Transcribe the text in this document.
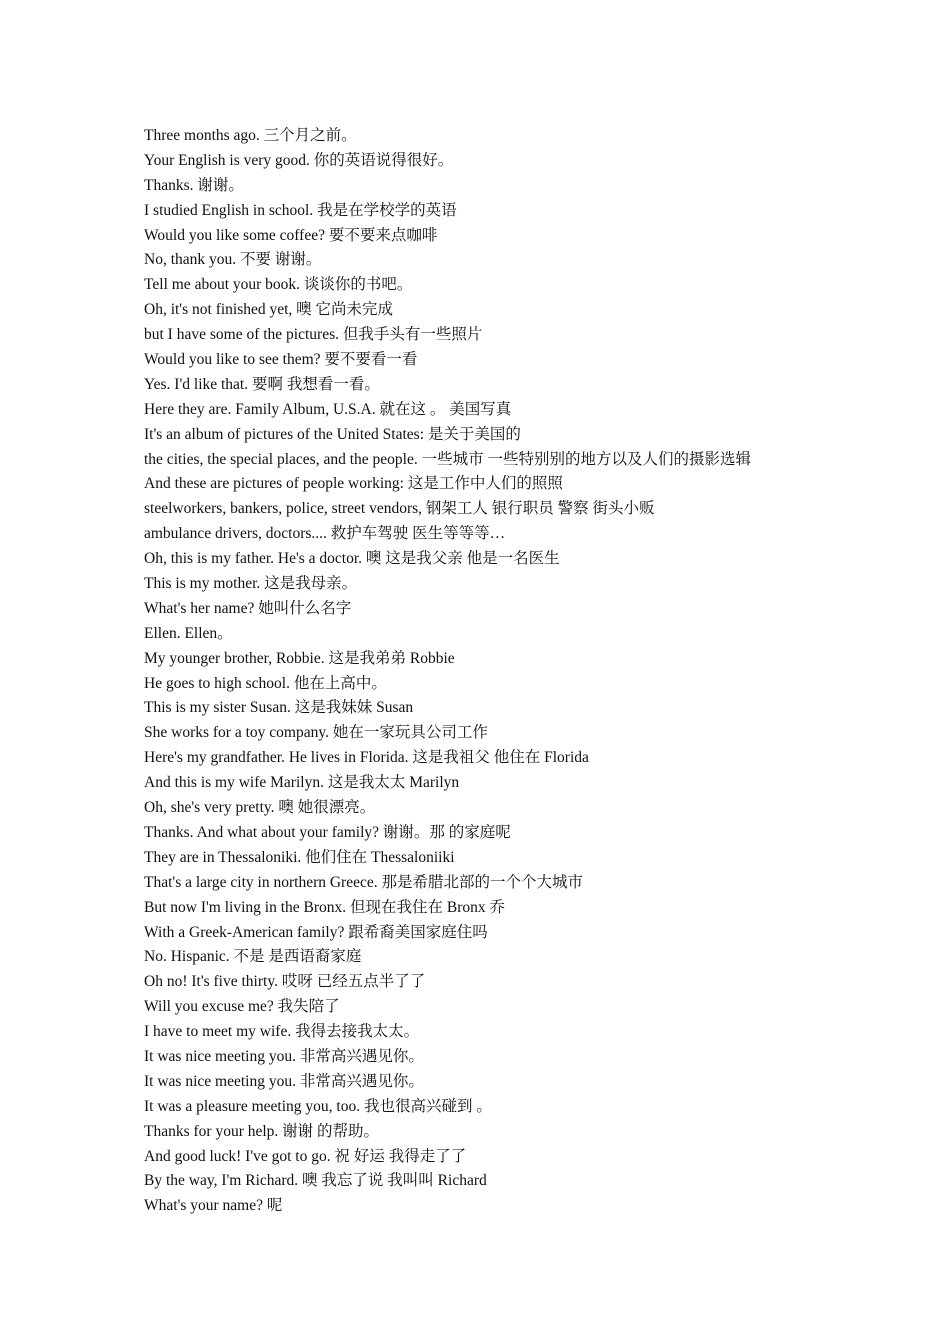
Three months ago. 三个月之前。
Your English is very good. 你的英语说得很好。
Thanks. 谢谢。
I studied English in school. 我是在学校学的英语
Would you like some coffee? 要不要来点咖啡
No, thank you. 不要 谢谢。
Tell me about your book. 谈谈你的书吧。
Oh, it's not finished yet, 噢 它尚未完成
but I have some of the pictures. 但我手头有一些照片
Would you like to see them? 要不要看一看
Yes. I'd like that. 要啊 我想看一看。
Here they are. Family Album, U.S.A. 就在这 。 美国写真
It's an album of pictures of the United States: 是关于美国的
the cities, the special places, and the people. 一些城市 一些特别别的地方以及人们的摄影选辑
And these are pictures of people working: 这是工作中人们的照照
steelworkers, bankers, police, street vendors, 钢架工人 银行职员 警察 街头小贩
ambulance drivers, doctors.... 救护车驾驶 医生等等等…
Oh, this is my father. He's a doctor. 噢 这是我父亲 他是一名医生
This is my mother. 这是我母亲。
What's her name? 她叫什么名字
Ellen. Ellen。
My younger brother, Robbie. 这是我弟弟 Robbie
He goes to high school. 他在上高中。
This is my sister Susan. 这是我妹妹 Susan
She works for a toy company. 她在一家玩具公司工作
Here's my grandfather. He lives in Florida. 这是我祖父 他住在 Florida
And this is my wife Marilyn. 这是我太太 Marilyn
Oh, she's very pretty. 噢 她很漂亮。
Thanks. And what about your family? 谢谢。那 的家庭呢
They are in Thessaloniki. 他们住在 Thessaloniiki
That's a large city in northern Greece. 那是希腊北部的一个个大城市
But now I'm living in the Bronx. 但现在我住在 Bronx 乔
With a Greek-American family? 跟希裔美国家庭住吗
No. Hispanic. 不是 是西语裔家庭
Oh no! It's five thirty. 哎呀 已经五点半了了
Will you excuse me? 我失陪了
I have to meet my wife. 我得去接我太太。
It was nice meeting you. 非常高兴遇见你。
It was nice meeting you. 非常高兴遇见你。
It was a pleasure meeting you, too. 我也很高兴碰到 。
Thanks for your help. 谢谢 的帮助。
And good luck! I've got to go. 祝 好运 我得走了了
By the way, I'm Richard. 噢 我忘了说 我叫叫 Richard
What's your name? 呢
